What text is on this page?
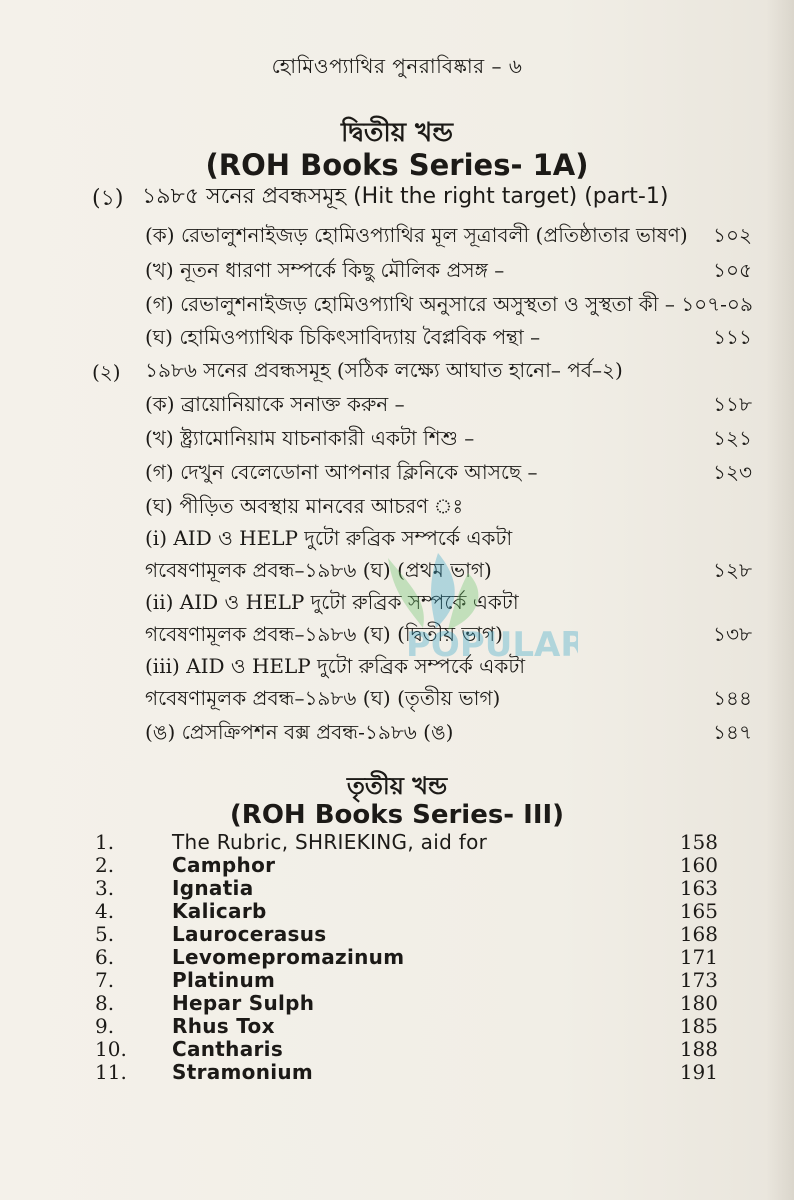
হোমিওপ্যাথির পুনরাবিষ্কার – ৬
দ্বিতীয় খন্ড
(ROH Books Series- 1A)
(১) ১৯৮৫ সনের প্রবন্ধসমূহ (Hit the right target) (part-1)
(ক) রেভালুশনাইজড় হোমিওপ্যাথির মূল সূত্রাবলী (প্রতিষ্ঠাতার ভাষণ)	১০২
(খ) নূতন ধারণা সম্পর্কে কিছু মৌলিক প্রসঙ্গ –	১০৫
(গ) রেভালুশনাইজড় হোমিওপ্যাথি অনুসারে অসুস্থতা ও সুস্থতা কী – ১০৭-০৯
(ঘ) হোমিওপ্যাথিক চিকিৎসাবিদ্যায় বৈপ্লবিক পন্থা –	১১১
(২) ১৯৮৬ সনের প্রবন্ধসমূহ (সঠিক লক্ষ্যে আঘাত হানো– পর্ব–২)
(ক) ব্রায়োনিয়াকে সনাক্ত করুন –	১১৮
(খ) ষ্ট্র্যামোনিয়াম যাচনাকারী একটা শিশু –	১২১
(গ) দেখুন বেলেডোনা আপনার ক্লিনিকে আসছে –	১২৩
(ঘ) পীড়িত অবস্থায় মানবের আচরণ ঃ
(i) AID ও HELP দুটো রুব্রিক সম্পর্কে একটা
গবেষণামূলক প্রবন্ধ–১৯৮৬ (ঘ) (প্রথম ভাগ)	১২৮
(ii) AID ও HELP দুটো রুব্রিক সম্পর্কে একটা
গবেষণামূলক প্রবন্ধ–১৯৮৬ (ঘ) (দ্বিতীয় ভাগ)	১৩৮
(iii) AID ও HELP দুটো রুব্রিক সম্পর্কে একটা
গবেষণামূলক প্রবন্ধ–১৯৮৬ (ঘ) (তৃতীয় ভাগ)	১৪৪
(ঙ) প্রেসক্রিপশন বক্স প্রবন্ধ-১৯৮৬ (ঙ)	১৪৭
তৃতীয় খন্ড
(ROH Books Series- III)
1.	The Rubric, SHRIEKING, aid for	158
2.	Camphor	160
3.	Ignatia	163
4.	Kalicarb	165
5.	Laurocerasus	168
6.	Levomepromazinum	171
7.	Platinum	173
8.	Hepar Sulph	180
9.	Rhus Tox	185
10.	Cantharis	188
11.	Stramonium	191
POPULAR
